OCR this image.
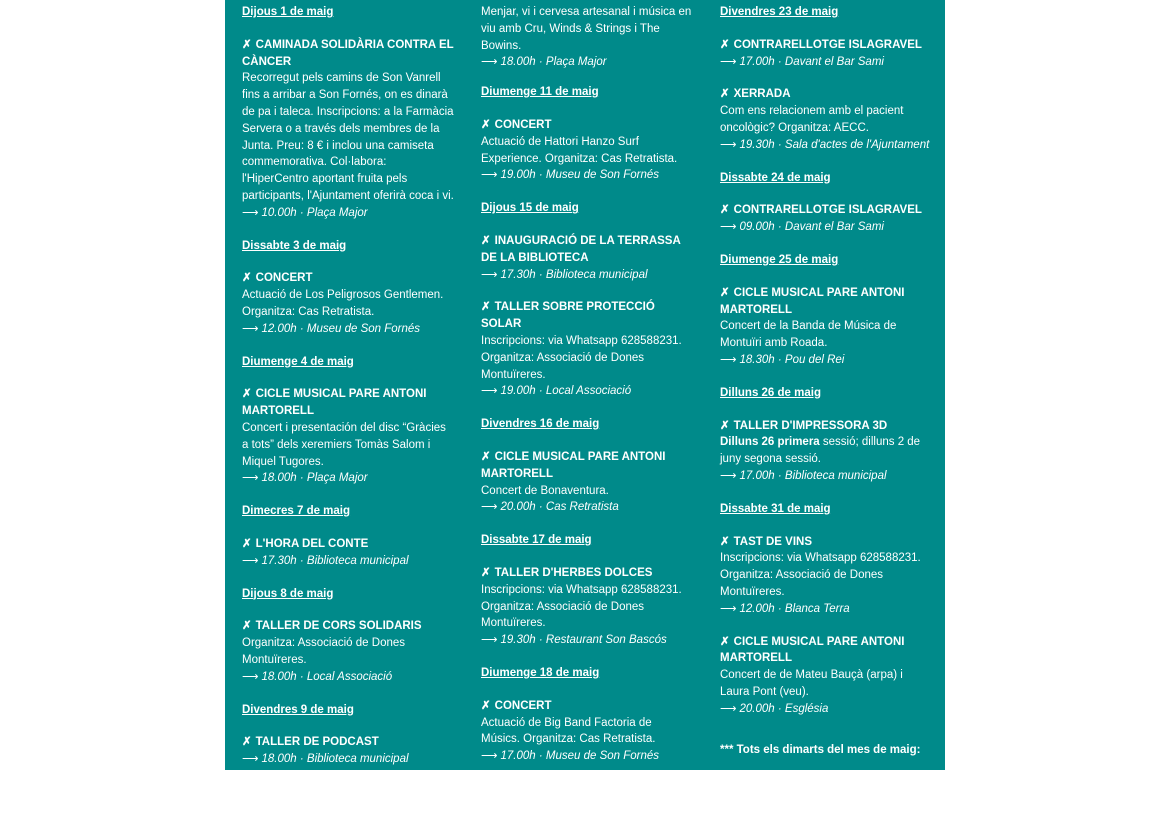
Dijous 1 de maig
✗ CAMINADA SOLIDÀRIA CONTRA EL CÀNCER
Recorregut pels camins de Son Vanrell fins a arribar a Son Fornés, on es dinarà de pa i taleca. Inscripcions: a la Farmàcia Servera o a través dels membres de la Junta. Preu: 8 € i inclou una camiseta commemorativa. Col·labora: l'HiperCentro aportant fruita pels participants, l'Ajuntament oferirà coca i vi.
⟶ 10.00h · Plaça Major
Dissabte 3 de maig
✗ CONCERT
Actuació de Los Peligrosos Gentlemen. Organitza: Cas Retratista.
⟶ 12.00h · Museu de Son Fornés
Diumenge 4 de maig
✗ CICLE MUSICAL PARE ANTONI MARTORELL
Concert i presentación del disc “Gràcies a tots” dels xeremiers Tomàs Salom i Miquel Tugores.
⟶ 18.00h · Plaça Major
Dimecres 7 de maig
✗ L'HORA DEL CONTE
⟶ 17.30h · Biblioteca municipal
Dijous 8 de maig
✗ TALLER DE CORS SOLIDARIS
Organitza: Associació de Dones Montuïreres.
⟶ 18.00h · Local Associació
Divendres 9 de maig
✗ TALLER DE PODCAST
⟶ 18.00h · Biblioteca municipal
Menjar, vi i cervesa artesanal i música en viu amb Cru, Winds & Strings i The Bowins.
⟶ 18.00h · Plaça Major
Diumenge 11 de maig
✗ CONCERT
Actuació de Hattori Hanzo Surf Experience. Organitza: Cas Retratista.
⟶ 19.00h · Museu de Son Fornés
Dijous 15 de maig
✗ INAUGURACIÓ DE LA TERRASSA DE LA BIBLIOTECA
⟶ 17.30h · Biblioteca municipal
✗ TALLER SOBRE PROTECCIÓ SOLAR
Inscripcions: via Whatsapp 628588231. Organitza: Associació de Dones Montuïreres.
⟶ 19.00h · Local Associació
Divendres 16 de maig
✗ CICLE MUSICAL PARE ANTONI MARTORELL
Concert de Bonaventura.
⟶ 20.00h · Cas Retratista
Dissabte 17 de maig
✗ TALLER D'HERBES DOLCES
Inscripcions: via Whatsapp 628588231. Organitza: Associació de Dones Montuïreres.
⟶ 19.30h · Restaurant Son Bascós
Diumenge 18 de maig
✗ CONCERT
Actuació de Big Band Factoria de Músics. Organitza: Cas Retratista.
⟶ 17.00h · Museu de Son Fornés
Dijous 22 de maig
Divendres 23 de maig
✗ CONTRARELLOTGE ISLAGRAVEL
⟶ 17.00h · Davant el Bar Sami
✗ XERRADA
Com ens relacionem amb el pacient oncològic? Organitza: AECC.
⟶ 19.30h · Sala d'actes de l'Ajuntament
Dissabte 24 de maig
✗ CONTRARELLOTGE ISLAGRAVEL
⟶ 09.00h · Davant el Bar Sami
Diumenge 25 de maig
✗ CICLE MUSICAL PARE ANTONI MARTORELL
Concert de la Banda de Música de Montuïri amb Roada.
⟶ 18.30h · Pou del Rei
Dilluns 26 de maig
✗ TALLER D'IMPRESSORA 3D
Dilluns 26 primera sessió; dilluns 2 de juny segona sessió.
⟶ 17.00h · Biblioteca municipal
Dissabte 31 de maig
✗ TAST DE VINS
Inscripcions: via Whatsapp 628588231. Organitza: Associació de Dones Montuïreres.
⟶ 12.00h · Blanca Terra
✗ CICLE MUSICAL PARE ANTONI MARTORELL
Concert de de Mateu Bauçà (arpa) i Laura Pont (veu).
⟶ 20.00h · Església
*** Tots els dimarts del mes de maig:
